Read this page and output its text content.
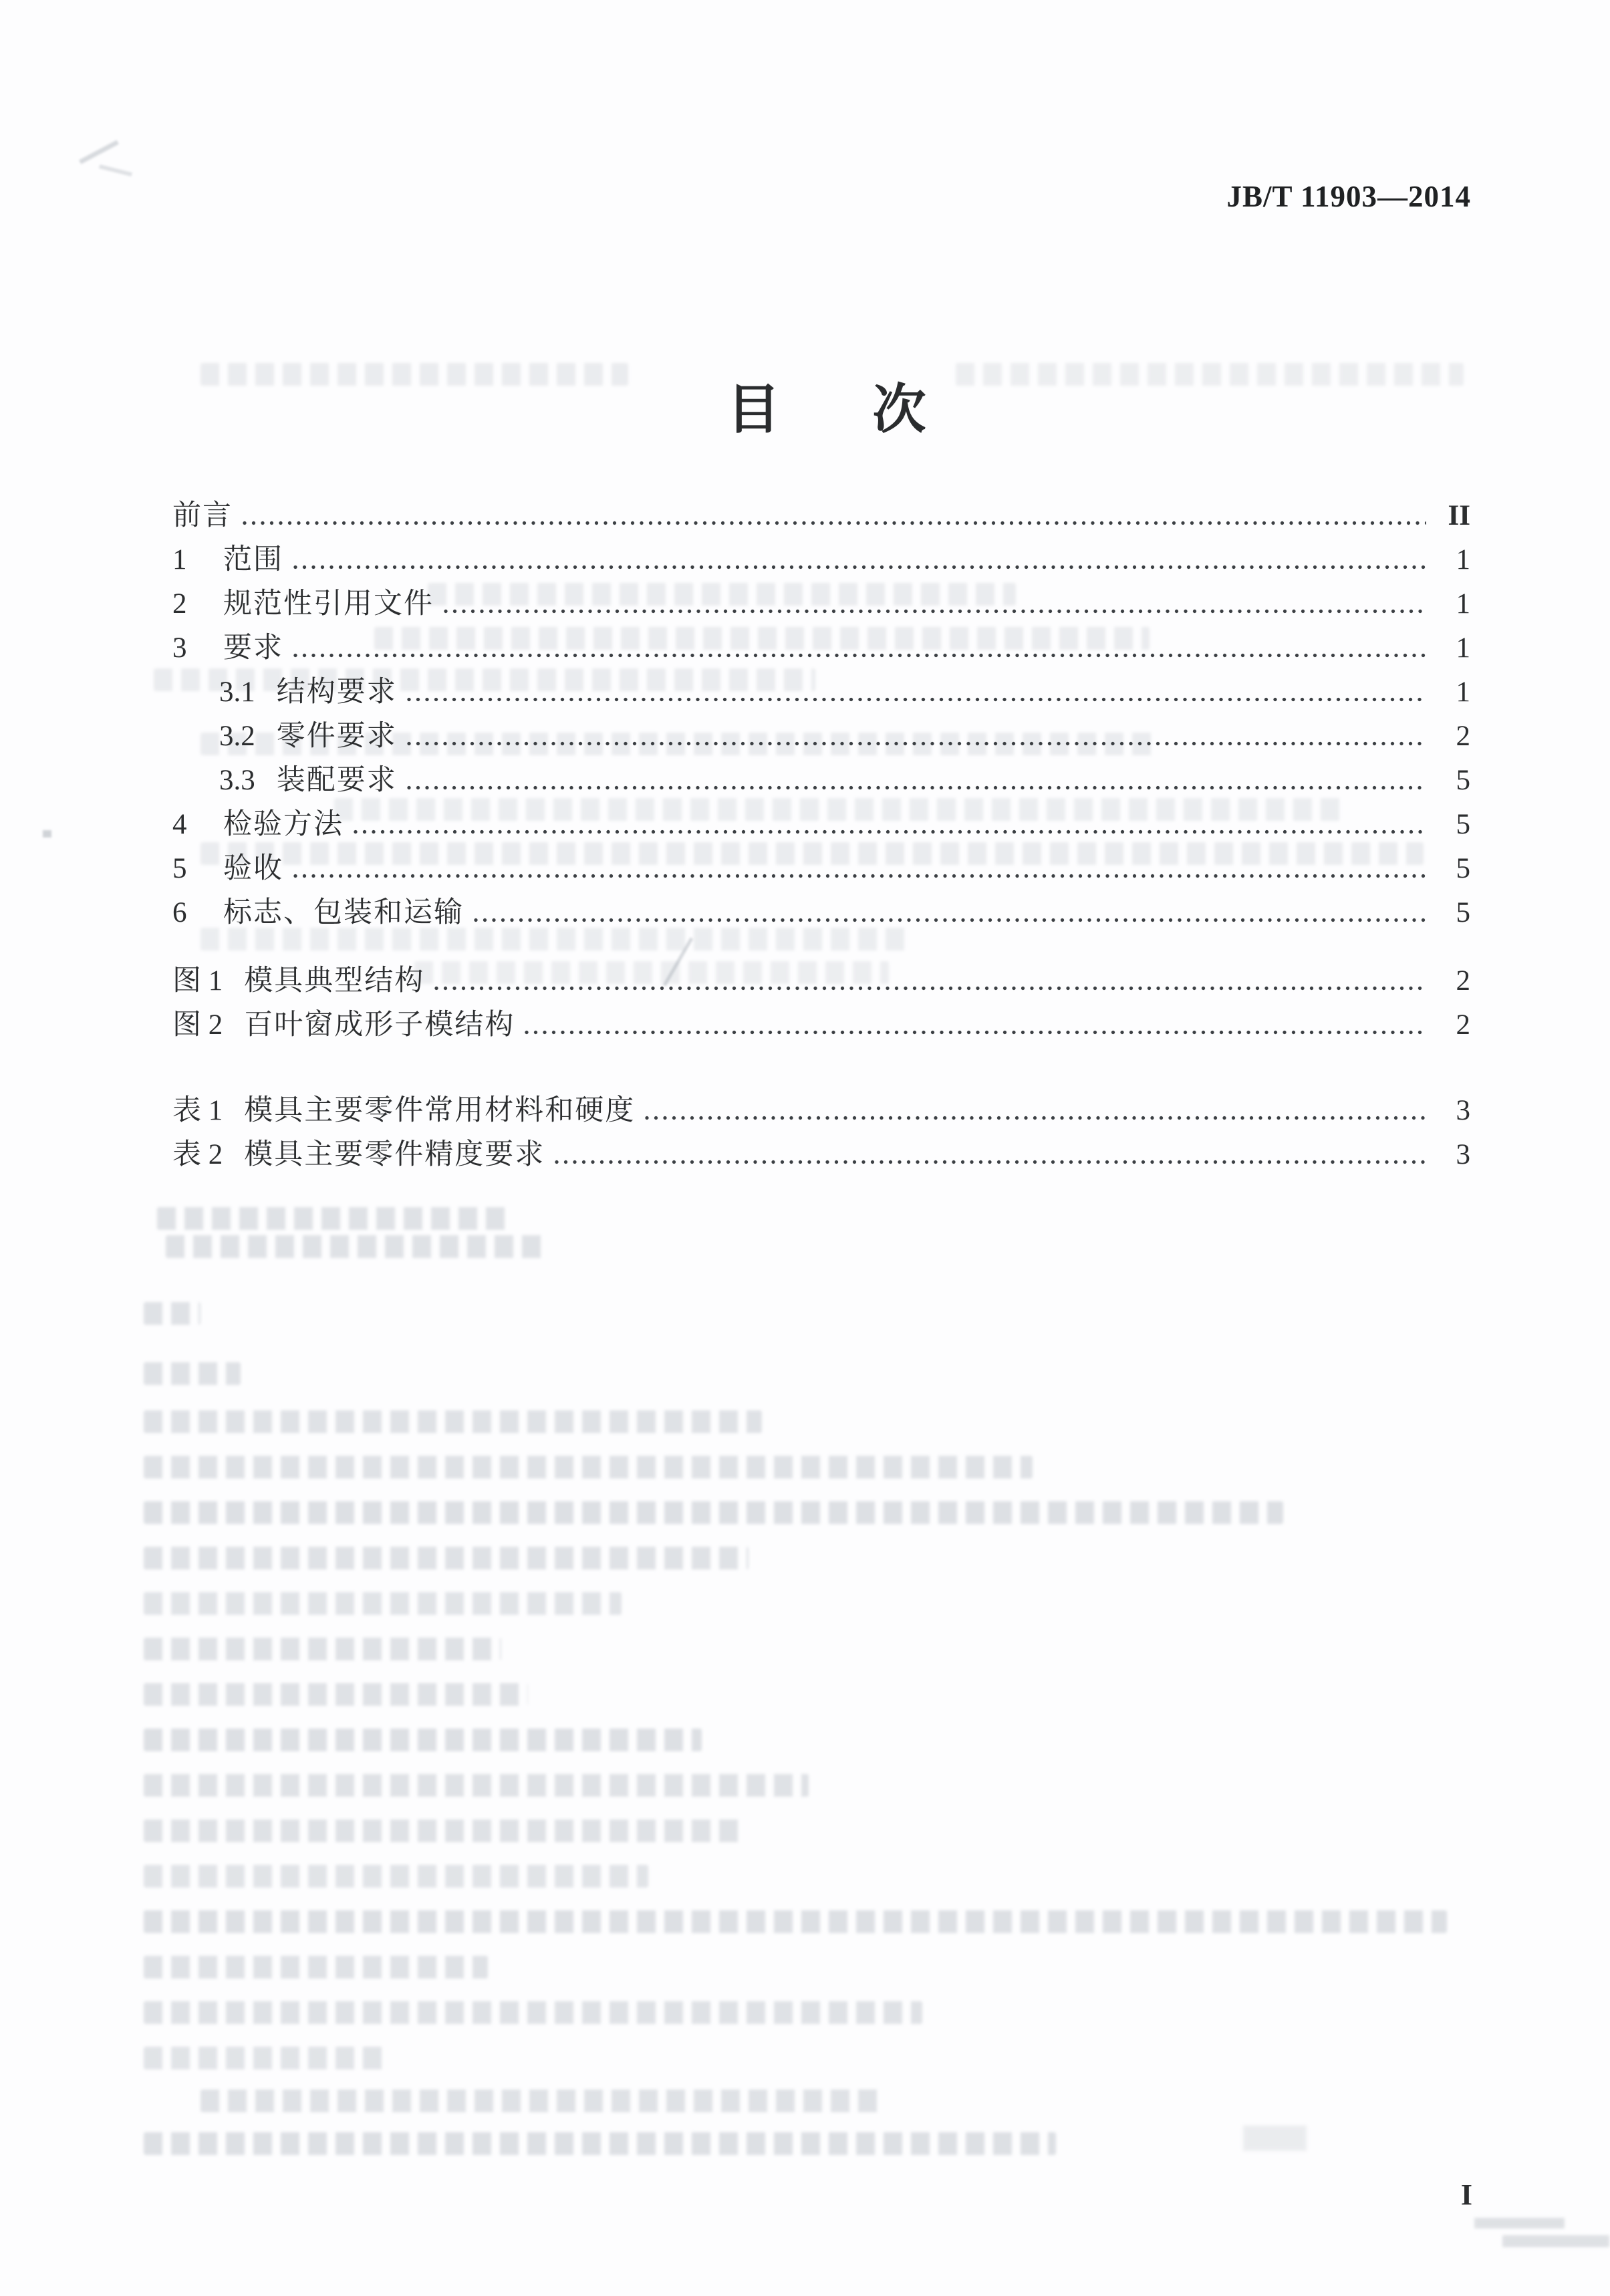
JB/T 11903—2014
目 次
前言	II
1	范围	1
2	规范性引用文件	1
3	要求	1
3.1 结构要求	1
3.2 零件要求	2
3.3 装配要求	5
4	检验方法	5
5	验收	5
6	标志、包装和运输	5
图 1 模具典型结构	2
图 2 百叶窗成形子模结构	2
表 1 模具主要零件常用材料和硬度	3
表 2 模具主要零件精度要求	3
I
